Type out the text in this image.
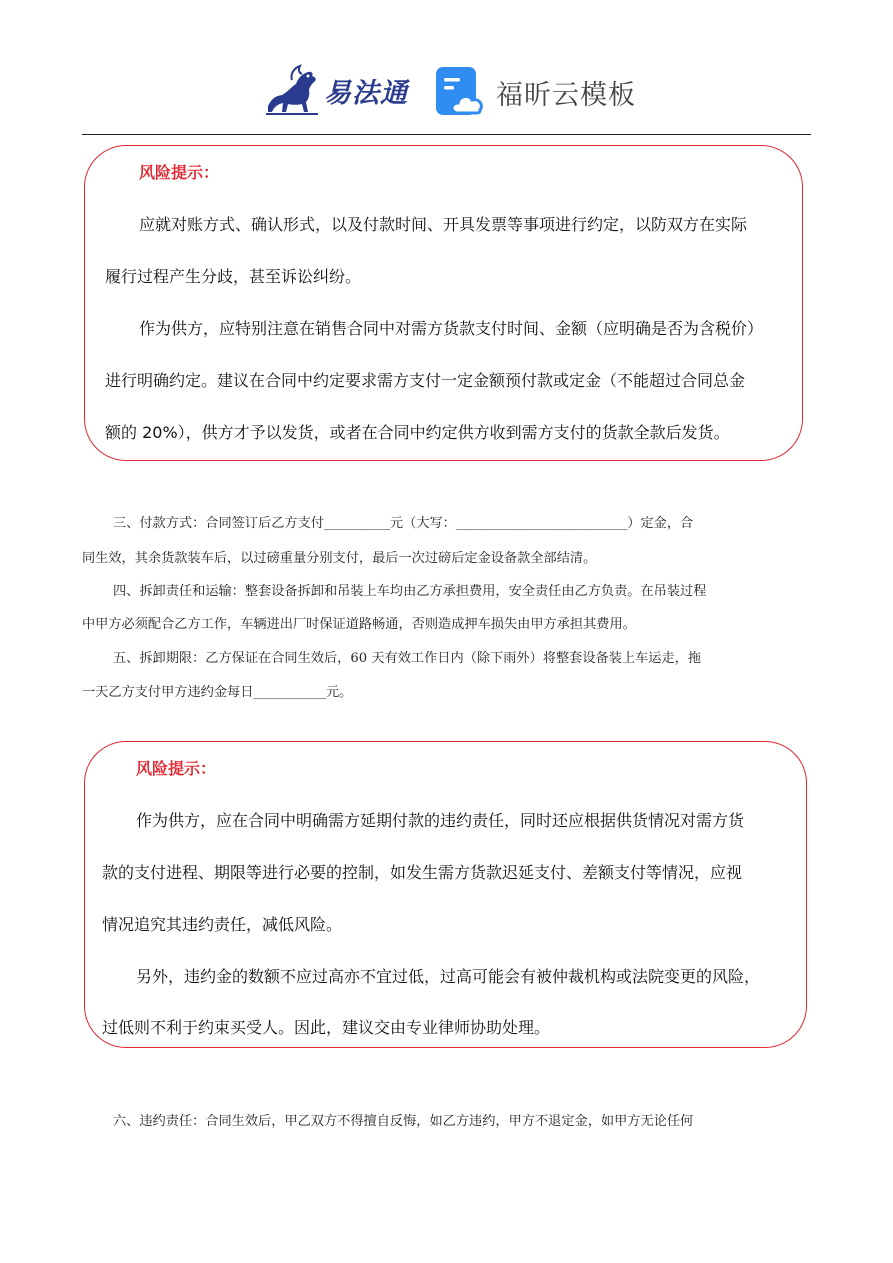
易法通	福昕云模板
风险提示：
应就对账方式、确认形式，以及付款时间、开具发票等事项进行约定，以防双方在实际
履行过程产生分歧，甚至诉讼纠纷。
作为供方，应特别注意在销售合同中对需方货款支付时间、金额（应明确是否为含税价）
进行明确约定。建议在合同中约定要求需方支付一定金额预付款或定金（不能超过合同总金
额的 20%），供方才予以发货，或者在合同中约定供方收到需方支付的货款全款后发货。
三、付款方式：合同签订后乙方支付__________元（大写：__________________________）定金，合
同生效，其余货款装车后，以过磅重量分别支付，最后一次过磅后定金设备款全部结清。
四、拆卸责任和运输：整套设备拆卸和吊装上车均由乙方承担费用，安全责任由乙方负责。在吊装过程
中甲方必须配合乙方工作，车辆进出厂时保证道路畅通，否则造成押车损失由甲方承担其费用。
五、拆卸期限：乙方保证在合同生效后，60 天有效工作日内（除下雨外）将整套设备装上车运走，拖
一天乙方支付甲方违约金每日___________元。
风险提示：
作为供方，应在合同中明确需方延期付款的违约责任，同时还应根据供货情况对需方货
款的支付进程、期限等进行必要的控制，如发生需方货款迟延支付、差额支付等情况，应视
情况追究其违约责任，减低风险。
另外，违约金的数额不应过高亦不宜过低，过高可能会有被仲裁机构或法院变更的风险，
过低则不利于约束买受人。因此，建议交由专业律师协助处理。
六、违约责任：合同生效后，甲乙双方不得擅自反悔，如乙方违约，甲方不退定金，如甲方无论任何
